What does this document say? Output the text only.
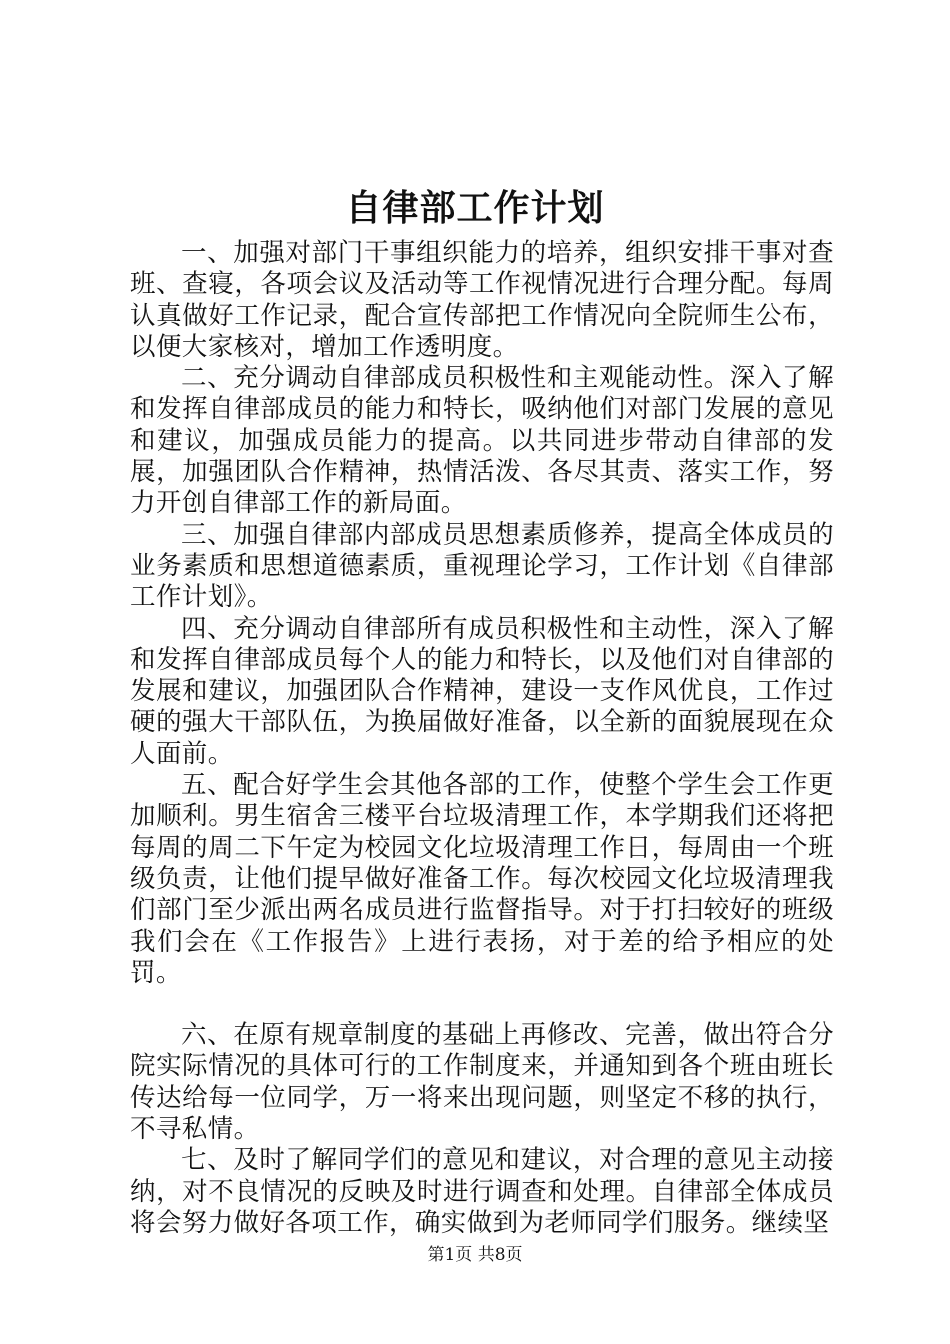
自律部工作计划

一、加强对部门干事组织能力的培养，组织安排干事对查班、查寝，各项会议及活动等工作视情况进行合理分配。每周认真做好工作记录，配合宣传部把工作情况向全院师生公布，以便大家核对，增加工作透明度。

二、充分调动自律部成员积极性和主观能动性。深入了解和发挥自律部成员的能力和特长，吸纳他们对部门发展的意见和建议，加强成员能力的提高。以共同进步带动自律部的发展，加强团队合作精神，热情活泼、各尽其责、落实工作，努力开创自律部工作的新局面。

三、加强自律部内部成员思想素质修养，提高全体成员的业务素质和思想道德素质，重视理论学习，工作计划《自律部工作计划》。

四、充分调动自律部所有成员积极性和主动性，深入了解和发挥自律部成员每个人的能力和特长，以及他们对自律部的发展和建议，加强团队合作精神，建设一支作风优良，工作过硬的强大干部队伍，为换届做好准备，以全新的面貌展现在众人面前。

五、配合好学生会其他各部的工作，使整个学生会工作更加顺利。男生宿舍三楼平台垃圾清理工作，本学期我们还将把每周的周二下午定为校园文化垃圾清理工作日，每周由一个班级负责，让他们提早做好准备工作。每次校园文化垃圾清理我们部门至少派出两名成员进行监督指导。对于打扫较好的班级我们会在《工作报告》上进行表扬，对于差的给予相应的处罚。

六、在原有规章制度的基础上再修改、完善，做出符合分院实际情况的具体可行的工作制度来，并通知到各个班由班长传达给每一位同学，万一将来出现问题，则坚定不移的执行，不寻私情。

七、及时了解同学们的意见和建议，对合理的意见主动接纳，对不良情况的反映及时进行调查和处理。自律部全体成员将会努力做好各项工作，确实做到为老师同学们服务。继续坚

第1页 共8页
